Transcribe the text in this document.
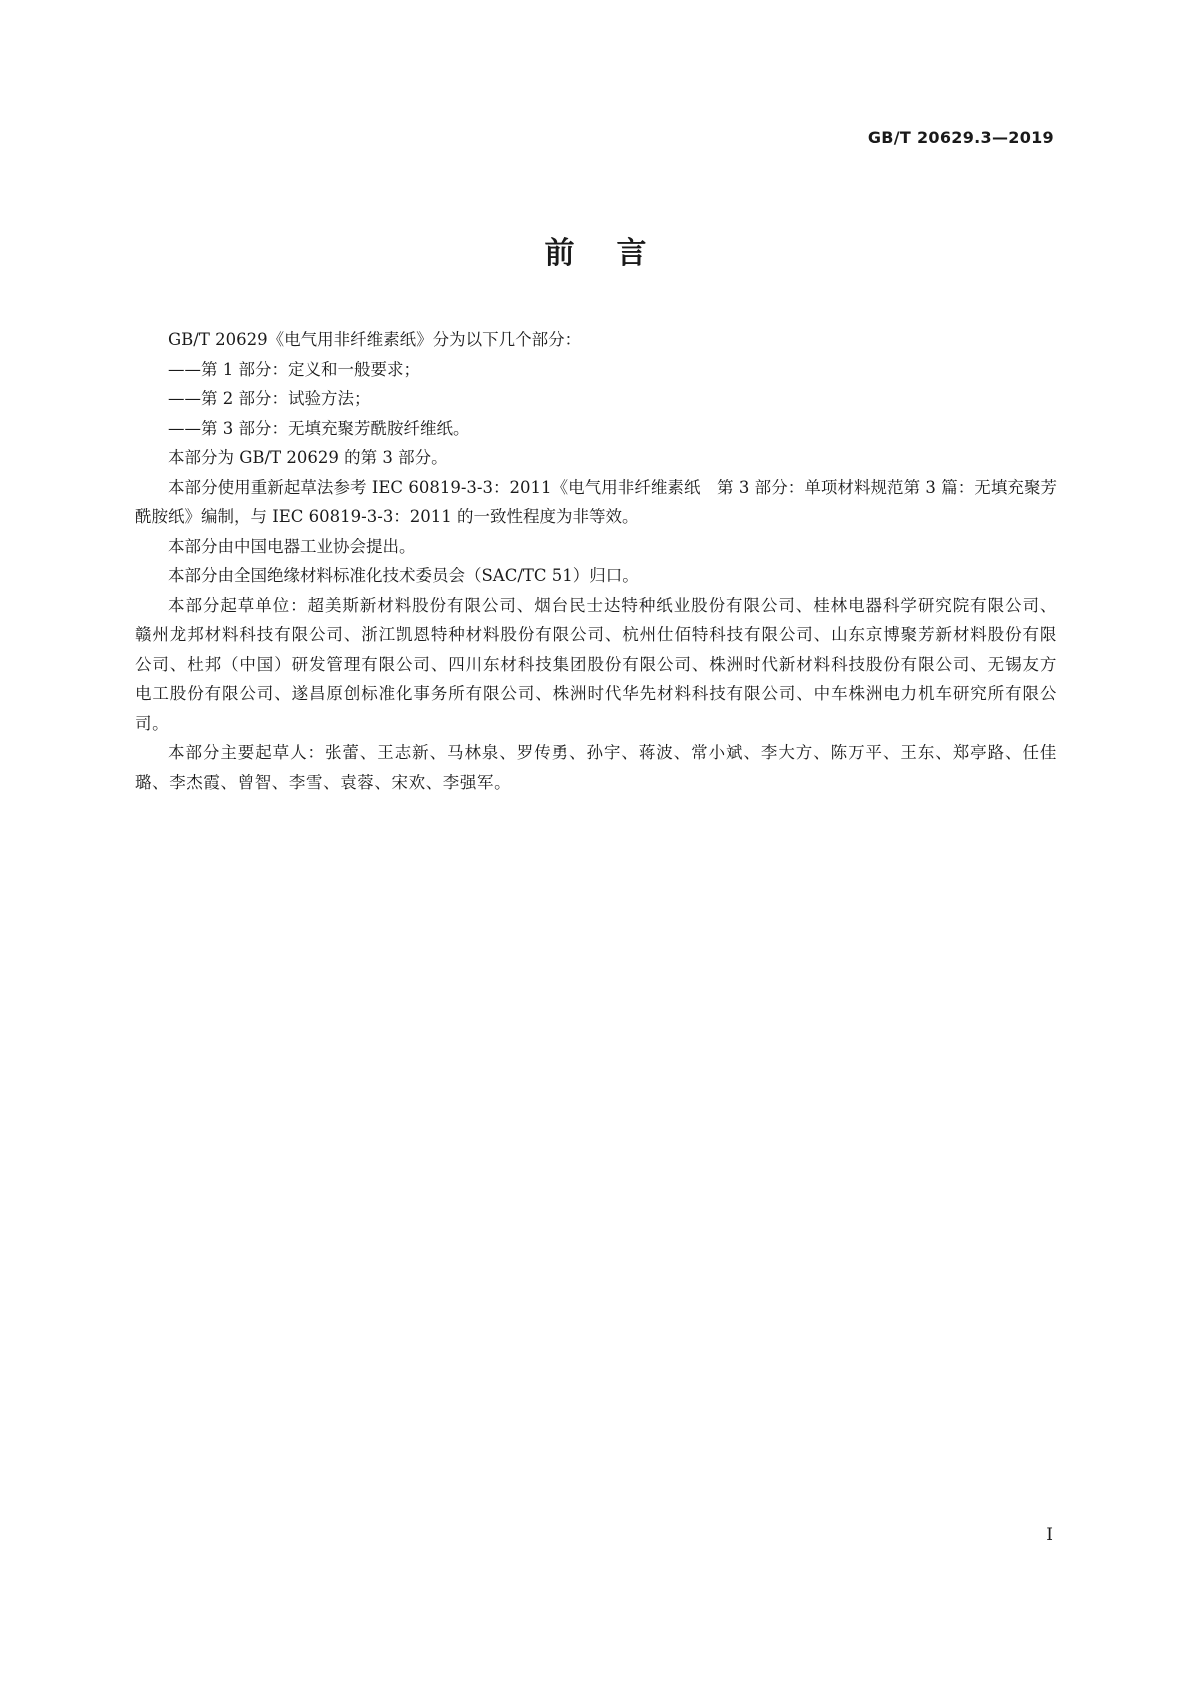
GB/T 20629.3—2019
前言

GB/T 20629《电气用非纤维素纸》分为以下几个部分：

——第 1 部分：定义和一般要求；

——第 2 部分：试验方法；

——第 3 部分：无填充聚芳酰胺纤维纸。

本部分为 GB/T 20629 的第 3 部分。

本部分使用重新起草法参考 IEC 60819-3-3：2011《电气用非纤维素纸　第 3 部分：单项材料规范第 3 篇：无填充聚芳酰胺纸》编制，与 IEC 60819-3-3：2011 的一致性程度为非等效。

本部分由中国电器工业协会提出。

本部分由全国绝缘材料标准化技术委员会（SAC/TC 51）归口。

本部分起草单位：超美斯新材料股份有限公司、烟台民士达特种纸业股份有限公司、桂林电器科学研究院有限公司、赣州龙邦材料科技有限公司、浙江凯恩特种材料股份有限公司、杭州仕佰特科技有限公司、山东京博聚芳新材料股份有限公司、杜邦（中国）研发管理有限公司、四川东材科技集团股份有限公司、株洲时代新材料科技股份有限公司、无锡友方电工股份有限公司、遂昌原创标准化事务所有限公司、株洲时代华先材料科技有限公司、中车株洲电力机车研究所有限公司。

本部分主要起草人：张蕾、王志新、马林泉、罗传勇、孙宇、蒋波、常小斌、李大方、陈万平、王东、郑亭路、任佳璐、李杰霞、曾智、李雪、袁蓉、宋欢、李强军。

I
